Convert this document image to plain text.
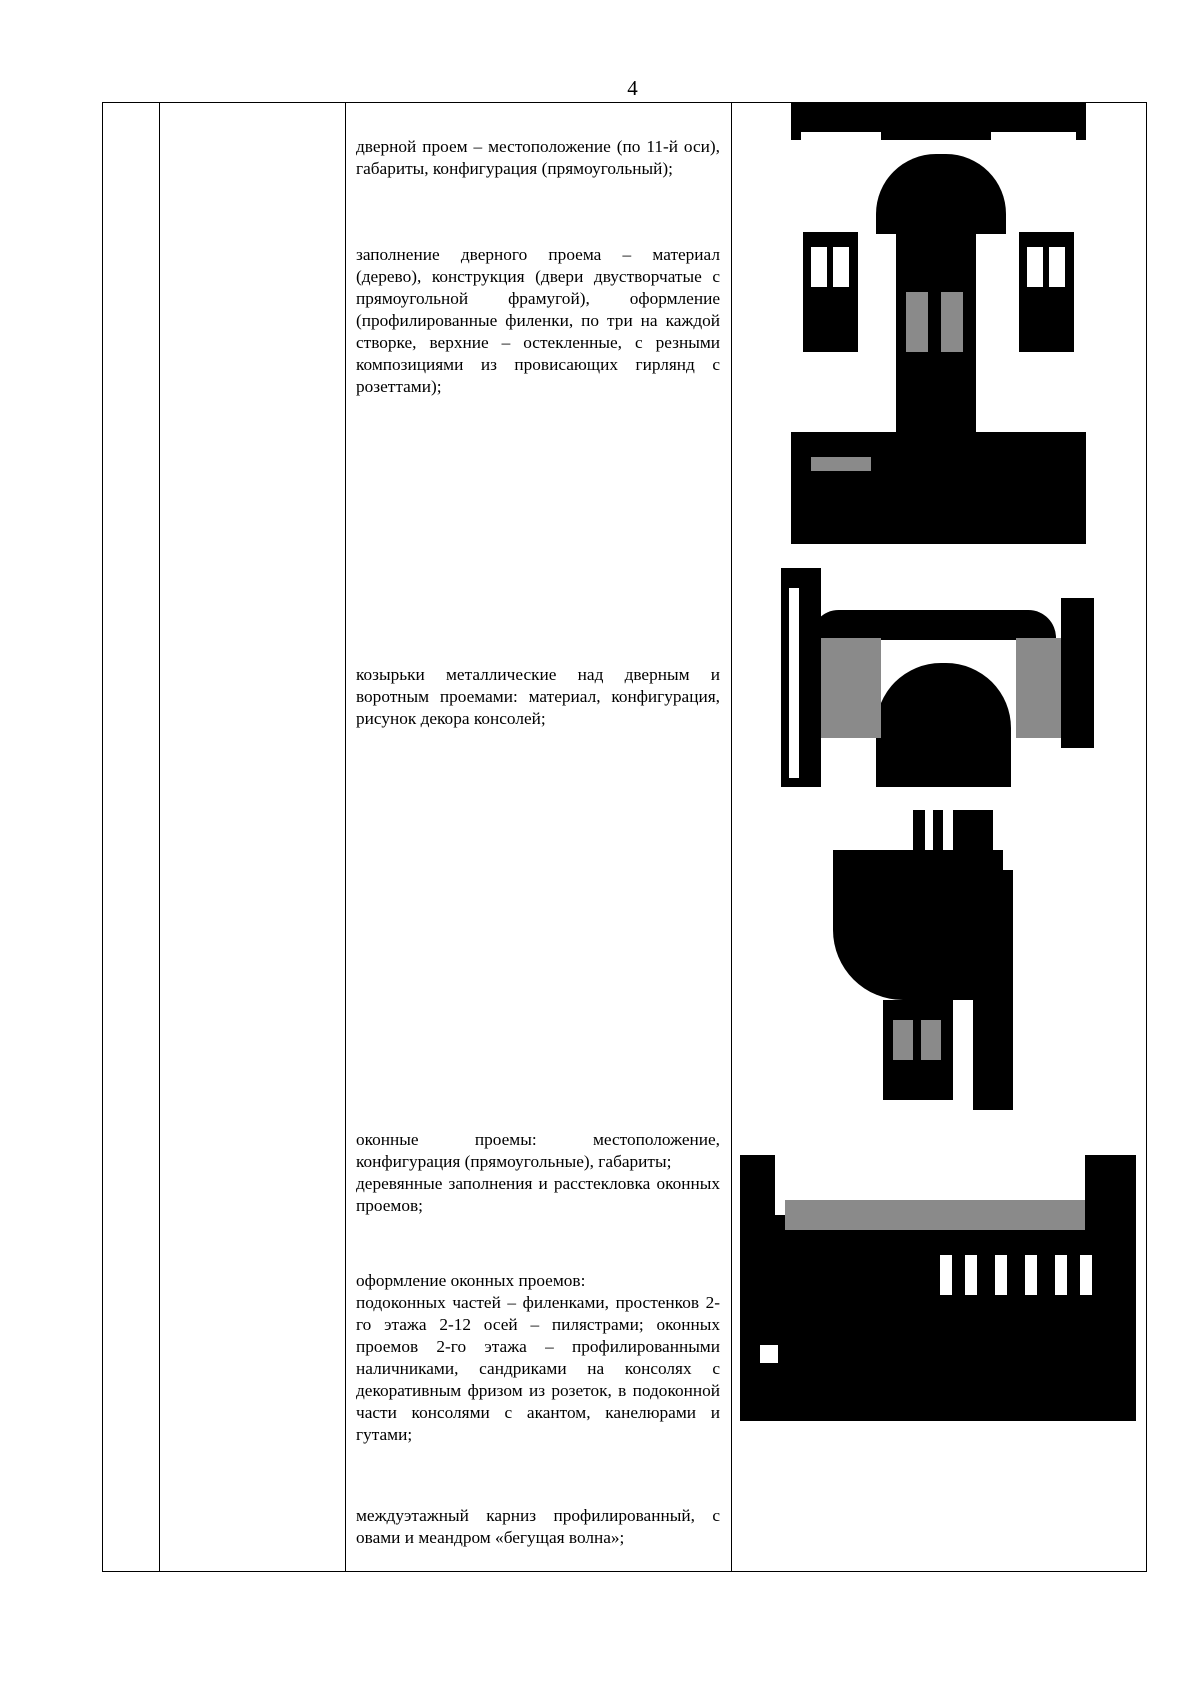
4

дверной проем – местоположение (по 11-й оси), габариты, конфигурация (прямоугольный);

заполнение дверного проема – материал (дерево), конструкция (двери двустворчатые с прямоугольной фрамугой), оформление (профилированные филенки, по три на каждой створке, верхние – остекленные, с резными композициями из провисающих гирлянд с розеттами);

козырьки металлические над дверным и воротным проемами: материал, конфигурация, рисунок декора консолей;

оконные проемы: местоположение, конфигурация (прямоугольные), габариты;

деревянные заполнения и расстекловка оконных проемов;

оформление оконных проемов:

подоконных частей – филенками, простенков 2-го этажа 2-12 осей – пилястрами; оконных проемов 2-го этажа – профилированными наличниками, сандриками на консолях с декоративным фризом из розеток, в подоконной части консолями с акантом, канелюрами и гутами;

междуэтажный карниз профилированный, с овами и меандром «бегущая волна»;
